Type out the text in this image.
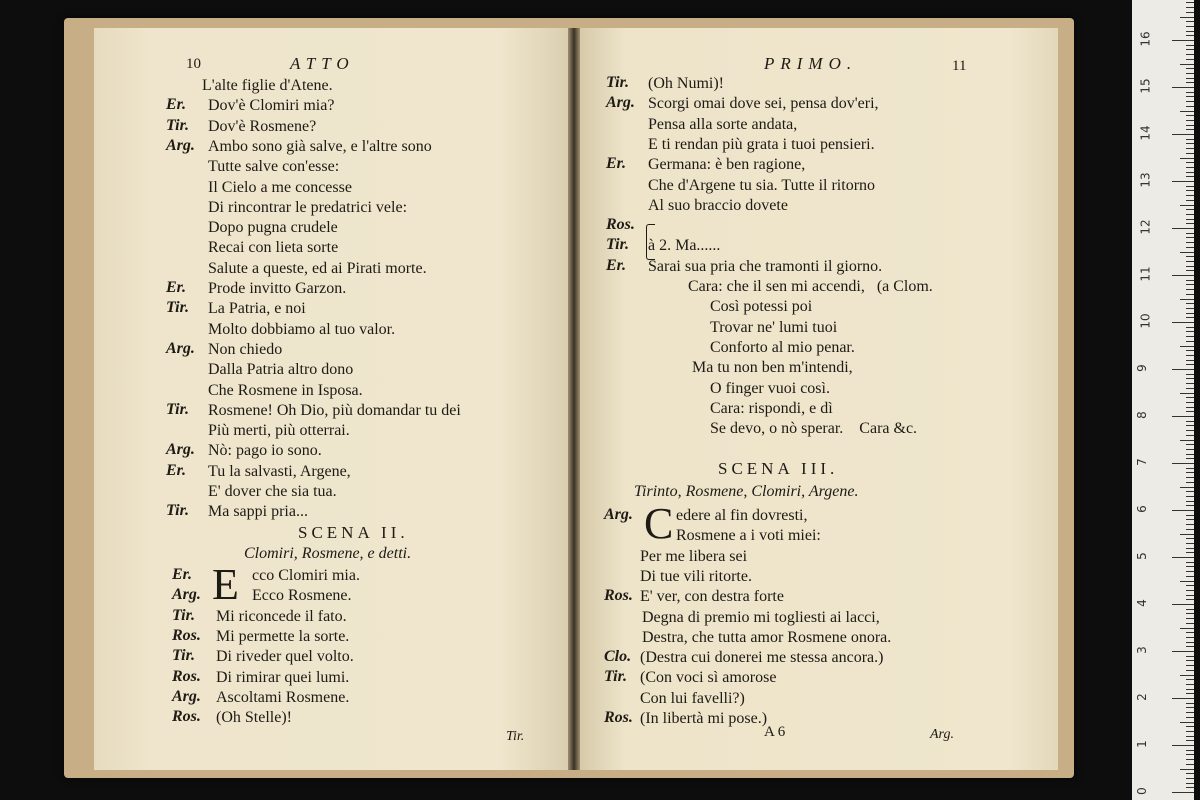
10	ATTO
L'alte figlie d'Atene.
Er. Dov'è Clomiri mia?
Tir. Dov'è Rosmene?
Arg. Ambo sono già salve, e l'altre sono
Tutte salve con'esse:
Il Cielo a me concesse
Di rincontrar le predatrici vele:
Dopo pugna crudele
Recai con lieta sorte
Salute a queste, ed ai Pirati morte.
Er. Prode invitto Garzon.
Tir. La Patria, e noi
Molto dobbiamo al tuo valor.
Arg. Non chiedo
Dalla Patria altro dono
Che Rosmene in Isposa.
Tir. Rosmene! Oh Dio, più domandar tu dei
Più merti, più otterrai.
Arg. Nò: pago io sono.
Er. Tu la salvasti, Argene,
E' dover che sia tua.
Tir. Ma sappi pria...
SCENA II.
Clomiri, Rosmene, e detti.
E
Er.	cco Clomiri mia.
Arg.	Ecco Rosmene.
Tir. Mi riconcede il fato.
Ros. Mi permette la sorte.
Tir. Di riveder quel volto.
Ros. Di rimirar quei lumi.
Arg. Ascoltami Rosmene.
Ros. (Oh Stelle)!
Tir.
PRIMO.	11
Tir. (Oh Numi)!
Arg. Scorgi omai dove sei, pensa dov'eri,
Pensa alla sorte andata,
E ti rendan più grata i tuoi pensieri.
Er. Germana: è ben ragione,
Che d'Argene tu sia. Tutte il ritorno
Al suo braccio dovete
Ros.
Tir. à 2. Ma......
Er. Sarai sua pria che tramonti il giorno.
Cara: che il sen mi accendi,   (a Clom.
Così potessi poi
Trovar ne' lumi tuoi
Conforto al mio penar.
Ma tu non ben m'intendi,
O finger vuoi così.
Cara: rispondi, e dì
Se devo, o nò sperar.    Cara &c.
SCENA III.
Tirinto, Rosmene, Clomiri, Argene.
C
Arg.	edere al fin dovresti,
Rosmene a i voti miei:
Per me libera sei
Di tue vili ritorte.
Ros. E' ver, con destra forte
Degna di premio mi togliesti ai lacci,
Destra, che tutta amor Rosmene onora.
Clo. (Destra cui donerei me stessa ancora.)
Tir. (Con voci sì amorose
Con lui favelli?)
Ros. (In libertà mi pose.)
A 6	Arg.
16
15
14
13
12
11
10
9
8
7
6
5
4
3
2
1
0
